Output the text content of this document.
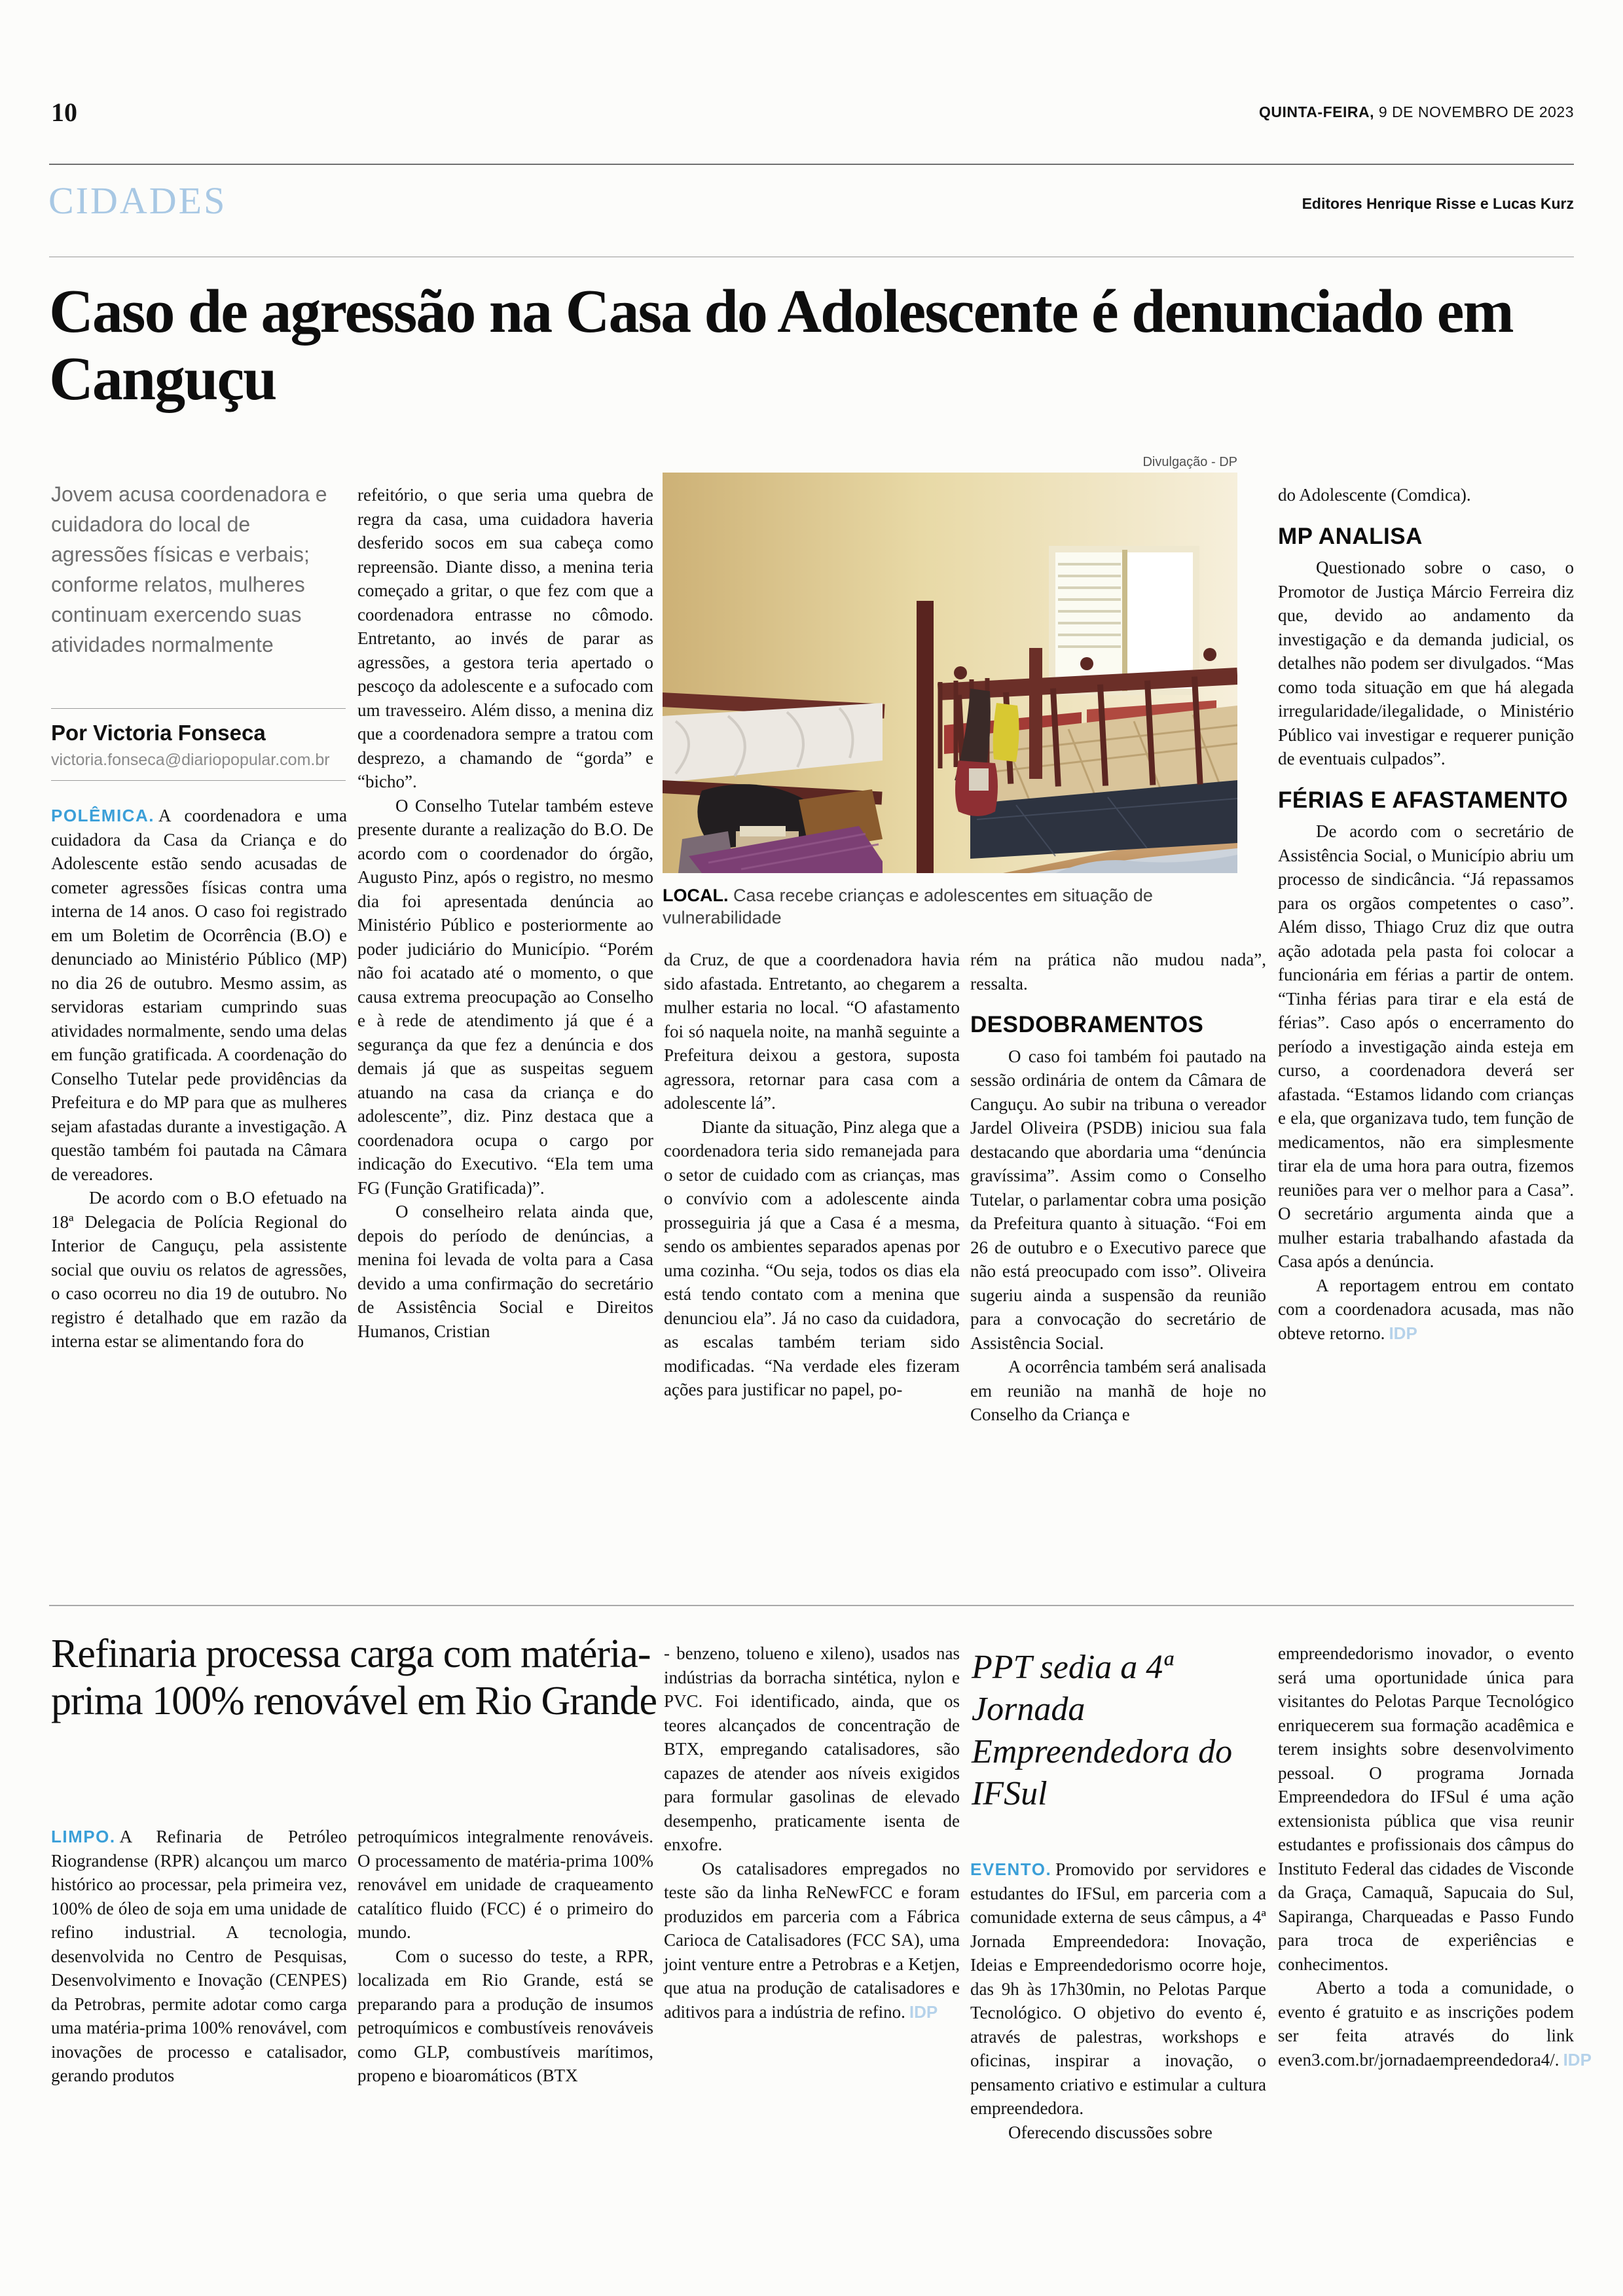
10	QUINTA-FEIRA, 9 DE NOVEMBRO DE 2023
CIDADES	Editores Henrique Risse e Lucas Kurz
Caso de agressão na Casa do Adolescente é denunciado em Canguçu
Jovem acusa coordenadora e cuidadora do local de agressões físicas e verbais; conforme relatos, mulheres continuam exercendo suas atividades normalmente
Por Victoria Fonseca
victoria.fonseca@diariopopular.com.br

POLÊMICA. A coordenadora e uma cuidadora da Casa da Criança e do Adolescente estão sendo acusadas de cometer agressões físicas contra uma interna de 14 anos. O caso foi registrado em um Boletim de Ocorrência (B.O) e denunciado ao Ministério Público (MP) no dia 26 de outubro. Mesmo assim, as servidoras estariam cumprindo suas atividades normalmente, sendo uma delas em função gratificada. A coordenação do Conselho Tutelar pede providências da Prefeitura e do MP para que as mulheres sejam afastadas durante a investigação. A questão também foi pautada na Câmara de vereadores.

De acordo com o B.O efetuado na 18ª Delegacia de Polícia Regional do Interior de Canguçu, pela assistente social que ouviu os relatos de agressões, o caso ocorreu no dia 19 de outubro. No registro é detalhado que em razão da interna estar se alimentando fora do

refeitório, o que seria uma quebra de regra da casa, uma cuidadora haveria desferido socos em sua cabeça como repreensão. Diante disso, a menina teria começado a gritar, o que fez com que a coordenadora entrasse no cômodo. Entretanto, ao invés de parar as agressões, a gestora teria apertado o pescoço da adolescente e a sufocado com um travesseiro. Além disso, a menina diz que a coordenadora sempre a tratou com desprezo, a chamando de “gorda” e “bicho”.

O Conselho Tutelar também esteve presente durante a realização do B.O. De acordo com o coordenador do órgão, Augusto Pinz, após o registro, no mesmo dia foi apresentada denúncia ao Ministério Público e posteriormente ao poder judiciário do Município. “Porém não foi acatado até o momento, o que causa extrema preocupação ao Conselho e à rede de atendimento já que é a segurança da que fez a denúncia e dos demais já que as suspeitas seguem atuando na casa da criança e do adolescente”, diz. Pinz destaca que a coordenadora ocupa o cargo por indicação do Executivo. “Ela tem uma FG (Função Gratificada)”.

O conselheiro relata ainda que, depois do período de denúncias, a menina foi levada de volta para a Casa devido a uma confirmação do secretário de Assistência Social e Direitos Humanos, Cristian

Divulgação - DP
LOCAL. Casa recebe crianças e adolescentes em situação de vulnerabilidade

da Cruz, de que a coordenadora havia sido afastada. Entretanto, ao chegarem a mulher estaria no local. “O afastamento foi só naquela noite, na manhã seguinte a Prefeitura deixou a gestora, suposta agressora, retornar para casa com a adolescente lá”.

Diante da situação, Pinz alega que a coordenadora teria sido remanejada para o setor de cuidado com as crianças, mas o convívio com a adolescente ainda prosseguiria já que a Casa é a mesma, sendo os ambientes separados apenas por uma cozinha. “Ou seja, todos os dias ela está tendo contato com a menina que denunciou ela”. Já no caso da cuidadora, as escalas também teriam sido modificadas. “Na verdade eles fizeram ações para justificar no papel, po-

rém na prática não mudou nada”, ressalta.

DESDOBRAMENTOS

O caso foi também foi pautado na sessão ordinária de ontem da Câmara de Canguçu. Ao subir na tribuna o vereador Jardel Oliveira (PSDB) iniciou sua fala destacando que abordaria uma “denúncia gravíssima”. Assim como o Conselho Tutelar, o parlamentar cobra uma posição da Prefeitura quanto à situação. “Foi em 26 de outubro e o Executivo parece que não está preocupado com isso”. Oliveira sugeriu ainda a suspensão da reunião para a convocação do secretário de Assistência Social.

A ocorrência também será analisada em reunião na manhã de hoje no Conselho da Criança e

do Adolescente (Comdica).

MP ANALISA

Questionado sobre o caso, o Promotor de Justiça Márcio Ferreira diz que, devido ao andamento da investigação e da demanda judicial, os detalhes não podem ser divulgados. “Mas como toda situação em que há alegada irregularidade/ilegalidade, o Ministério Público vai investigar e requerer punição de eventuais culpados”.

FÉRIAS E AFASTAMENTO

De acordo com o secretário de Assistência Social, o Município abriu um processo de sindicância. “Já repassamos para os orgãos competentes o caso”. Além disso, Thiago Cruz diz que outra ação adotada pela pasta foi colocar a funcionária em férias a partir de ontem. “Tinha férias para tirar e ela está de férias”. Caso após o encerramento do período a investigação ainda esteja em curso, a coordenadora deverá ser afastada. “Estamos lidando com crianças e ela, que organizava tudo, tem função de medicamentos, não era simplesmente tirar ela de uma hora para outra, fizemos reuniões para ver o melhor para a Casa”. O secretário argumenta ainda que a mulher estaria trabalhando afastada da Casa após a denúncia.

A reportagem entrou em contato com a coordenadora acusada, mas não obteve retorno. IDP

Refinaria processa carga com matéria-prima 100% renovável em Rio Grande

LIMPO. A Refinaria de Petróleo Riograndense (RPR) alcançou um marco histórico ao processar, pela primeira vez, 100% de óleo de soja em uma unidade de refino industrial. A tecnologia, desenvolvida no Centro de Pesquisas, Desenvolvimento e Inovação (CENPES) da Petrobras, permite adotar como carga uma matéria-prima 100% renovável, com inovações de processo e catalisador, gerando produtos

petroquímicos integralmente renováveis. O processamento de matéria-prima 100% renovável em unidade de craqueamento catalítico fluido (FCC) é o primeiro do mundo.

Com o sucesso do teste, a RPR, localizada em Rio Grande, está se preparando para a produção de insumos petroquímicos e combustíveis renováveis como GLP, combustíveis marítimos, propeno e bioaromáticos (BTX

- benzeno, tolueno e xileno), usados nas indústrias da borracha sintética, nylon e PVC. Foi identificado, ainda, que os teores alcançados de concentração de BTX, empregando catalisadores, são capazes de atender aos níveis exigidos para formular gasolinas de elevado desempenho, praticamente isenta de enxofre.

Os catalisadores empregados no teste são da linha ReNewFCC e foram produzidos em parceria com a Fábrica Carioca de Catalisadores (FCC SA), uma joint venture entre a Petrobras e a Ketjen, que atua na produção de catalisadores e aditivos para a indústria de refino. IDP

PPT sedia a 4ª Jornada Empreendedora do IFSul

EVENTO. Promovido por servidores e estudantes do IFSul, em parceria com a comunidade externa de seus câmpus, a 4ª Jornada Empreendedora: Inovação, Ideias e Empreendedorismo ocorre hoje, das 9h às 17h30min, no Pelotas Parque Tecnológico. O objetivo do evento é, através de palestras, workshops e oficinas, inspirar a inovação, o pensamento criativo e estimular a cultura empreendedora.

Oferecendo discussões sobre

empreendedorismo inovador, o evento será uma oportunidade única para visitantes do Pelotas Parque Tecnológico enriquecerem sua formação acadêmica e terem insights sobre desenvolvimento pessoal. O programa Jornada Empreendedora do IFSul é uma ação extensionista pública que visa reunir estudantes e profissionais dos câmpus do Instituto Federal das cidades de Visconde da Graça, Camaquã, Sapucaia do Sul, Sapiranga, Charqueadas e Passo Fundo para troca de experiências e conhecimentos.

Aberto a toda a comunidade, o evento é gratuito e as inscrições podem ser feita através do link even3.com.br/jornadaempreendedora4/. IDP
